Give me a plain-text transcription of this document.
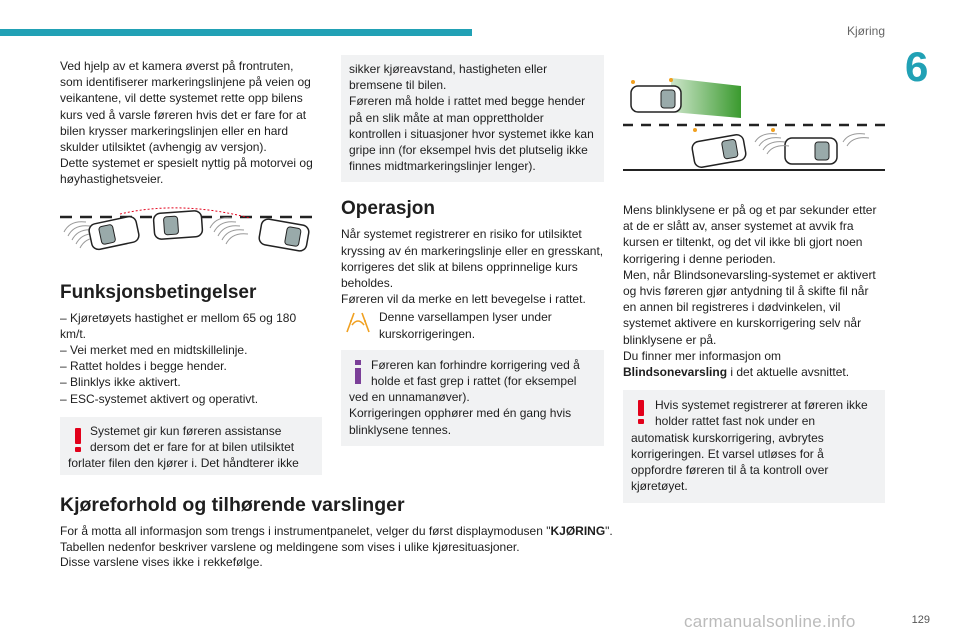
Kjøring
6

Ved hjelp av et kamera øverst på frontruten, som identifiserer markeringslinjene på veien og veikantene, vil dette systemet rette opp bilens kurs ved å varsle føreren hvis det er fare for at bilen krysser markeringslinjen eller en hard skulder utilsiktet (avhengig av versjon).
Dette systemet er spesielt nyttig på motorvei og høyhastighetsveier.

Funksjonsbetingelser
– Kjøretøyets hastighet er mellom 65 og 180 km/t.
– Vei merket med en midtskillelinje.
– Rattet holdes i begge hender.
– Blinklys ikke aktivert.
– ESC-systemet aktivert og operativt.
Systemet gir kun føreren assistanse dersom det er fare for at bilen utilsiktet
forlater filen den kjører i. Det håndterer ikke
sikker kjøreavstand, hastigheten eller bremsene til bilen.
Føreren må holde i rattet med begge hender på en slik måte at man opprettholder kontrollen i situasjoner hvor systemet ikke kan gripe inn (for eksempel hvis det plutselig ikke finnes midtmarkeringslinjer lenger).
Operasjon

Når systemet registrerer en risiko for utilsiktet kryssing av én markeringslinje eller en gresskant, korrigeres det slik at bilens opprinnelige kurs beholdes.
Føreren vil da merke en lett bevegelse i rattet.

Denne varsellampen lyser under kurskorrigeringen.
Føreren kan forhindre korrigering ved å holde et fast grep i rattet (for eksempel
ved en unnamanøver).
Korrigeringen opphører med én gang hvis blinklysene tennes.

Mens blinklysene er på og et par sekunder etter at de er slått av, anser systemet at avvik fra kursen er tiltenkt, og det vil ikke bli gjort noen korrigering i denne perioden.
Men, når Blindsonevarsling-systemet er aktivert og hvis føreren gjør antydning til å skifte fil når en annen bil registreres i dødvinkelen, vil systemet aktivere en kurskorrigering selv når blinklysene er på.
Du finner mer informasjon om
Blindsonevarsling i det aktuelle avsnittet.

Hvis systemet registrerer at føreren ikke holder rattet fast nok under en
automatisk kurskorrigering, avbrytes korrigeringen. Et varsel utløses for å oppfordre føreren til å ta kontroll over kjøretøyet.
Kjøreforhold og tilhørende varslinger

For å motta all informasjon som trengs i instrumentpanelet, velger du først displaymodusen "KJØRING".
Tabellen nedenfor beskriver varslene og meldingene som vises i ulike kjøresituasjoner.
Disse varslene vises ikke i rekkefølge.

carmanualsonline.info	129
